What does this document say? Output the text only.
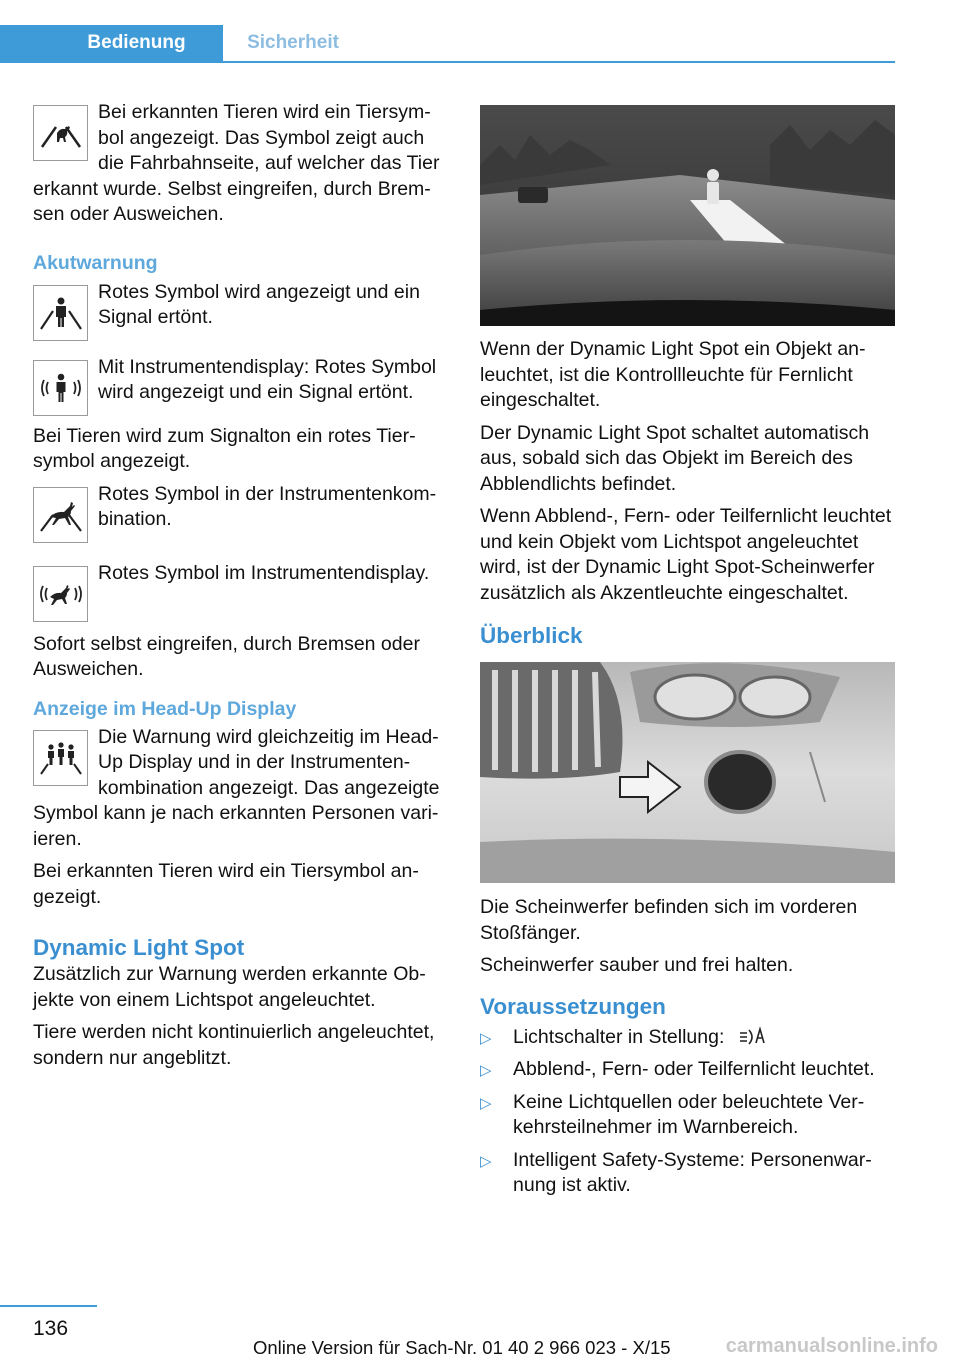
Bedienung	Sicherheit

Bei erkannten Tieren wird ein Tiersymbol angezeigt. Das Symbol zeigt auch die Fahrbahnseite, auf welcher das Tier erkannt wurde. Selbst eingreifen, durch Bremsen oder Ausweichen.

Akutwarnung

Rotes Symbol wird angezeigt und ein Signal ertönt.

Mit Instrumentendisplay: Rotes Symbol wird angezeigt und ein Signal ertönt.

Bei Tieren wird zum Signalton ein rotes Tiersymbol angezeigt.

Rotes Symbol in der Instrumentenkombination.

Rotes Symbol im Instrumentendisplay.

Sofort selbst eingreifen, durch Bremsen oder Ausweichen.

Anzeige im Head-Up Display

Die Warnung wird gleichzeitig im Head-Up Display und in der Instrumentenkombination angezeigt. Das angezeigte Symbol kann je nach erkannten Personen variieren.

Bei erkannten Tieren wird ein Tiersymbol angezeigt.

Dynamic Light Spot

Zusätzlich zur Warnung werden erkannte Objekte von einem Lichtspot angeleuchtet.

Tiere werden nicht kontinuierlich angeleuchtet, sondern nur angeblitzt.

Wenn der Dynamic Light Spot ein Objekt anleuchtet, ist die Kontrollleuchte für Fernlicht eingeschaltet.

Der Dynamic Light Spot schaltet automatisch aus, sobald sich das Objekt im Bereich des Abblendlichts befindet.

Wenn Abblend-, Fern- oder Teilfernlicht leuchtet und kein Objekt vom Lichtspot angeleuchtet wird, ist der Dynamic Light Spot-Scheinwerfer zusätzlich als Akzentleuchte eingeschaltet.

Überblick

Die Scheinwerfer befinden sich im vorderen Stoßfänger.

Scheinwerfer sauber und frei halten.

Voraussetzungen
▷ Lichtschalter in Stellung:
▷ Abblend-, Fern- oder Teilfernlicht leuchtet.
▷ Keine Lichtquellen oder beleuchtete Verkehrsteilnehmer im Warnbereich.
▷ Intelligent Safety-Systeme: Personenwarnung ist aktiv.
136
Online Version für Sach-Nr. 01 40 2 966 023 - X/15	carmanualsonline.info
